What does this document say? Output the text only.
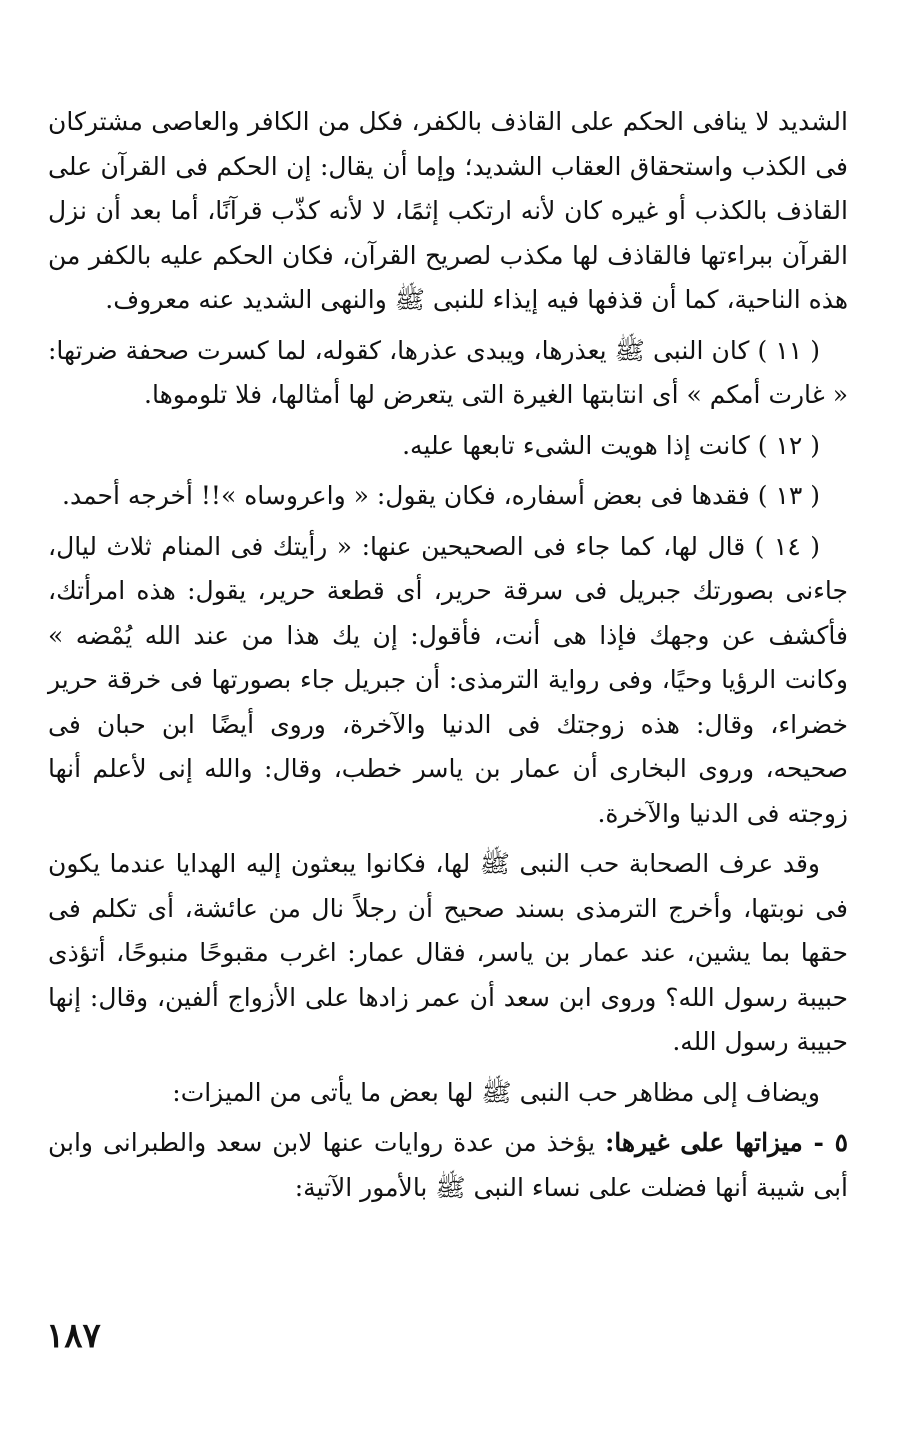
الشديد لا ينافى الحكم على القاذف بالكفر، فكل من الكافر والعاصى مشتركان فى الكذب واستحقاق العقاب الشديد؛ وإما أن يقال: إن الحكم فى القرآن على القاذف بالكذب أو غيره كان لأنه ارتكب إثمًا، لا لأنه كذّب قرآنًا، أما بعد أن نزل القرآن ببراءتها فالقاذف لها مكذب لصريح القرآن، فكان الحكم عليه بالكفر من هذه الناحية، كما أن قذفها فيه إيذاء للنبى ﷺ والنهى الشديد عنه معروف.

( ١١ ) كان النبى ﷺ يعذرها، ويبدى عذرها، كقوله، لما كسرت صحفة ضرتها: « غارت أمكم » أى انتابتها الغيرة التى يتعرض لها أمثالها، فلا تلوموها.

( ١٢ ) كانت إذا هويت الشىء تابعها عليه.

( ١٣ ) فقدها فى بعض أسفاره، فكان يقول: « واعروساه »!! أخرجه أحمد.

( ١٤ ) قال لها، كما جاء فى الصحيحين عنها: « رأيتك فى المنام ثلاث ليال، جاءنى بصورتك جبريل فى سرقة حرير، أى قطعة حرير، يقول: هذه امرأتك، فأكشف عن وجهك فإذا هى أنت، فأقول: إن يك هذا من عند الله يُمْضه » وكانت الرؤيا وحيًا، وفى رواية الترمذى: أن جبريل جاء بصورتها فى خرقة حرير خضراء، وقال: هذه زوجتك فى الدنيا والآخرة، وروى أيضًا ابن حبان فى صحيحه، وروى البخارى أن عمار بن ياسر خطب، وقال: والله إنى لأعلم أنها زوجته فى الدنيا والآخرة.

وقد عرف الصحابة حب النبى ﷺ لها، فكانوا يبعثون إليه الهدايا عندما يكون فى نوبتها، وأخرج الترمذى بسند صحيح أن رجلاً نال من عائشة، أى تكلم فى حقها بما يشين، عند عمار بن ياسر، فقال عمار: اغرب مقبوحًا منبوحًا، أتؤذى حبيبة رسول الله؟ وروى ابن سعد أن عمر زادها على الأزواج ألفين، وقال: إنها حبيبة رسول الله.

ويضاف إلى مظاهر حب النبى ﷺ لها بعض ما يأتى من الميزات:

٥ - ميزاتها على غيرها: يؤخذ من عدة روايات عنها لابن سعد والطبرانى وابن أبى شيبة أنها فضلت على نساء النبى ﷺ بالأمور الآتية:

١٨٧
